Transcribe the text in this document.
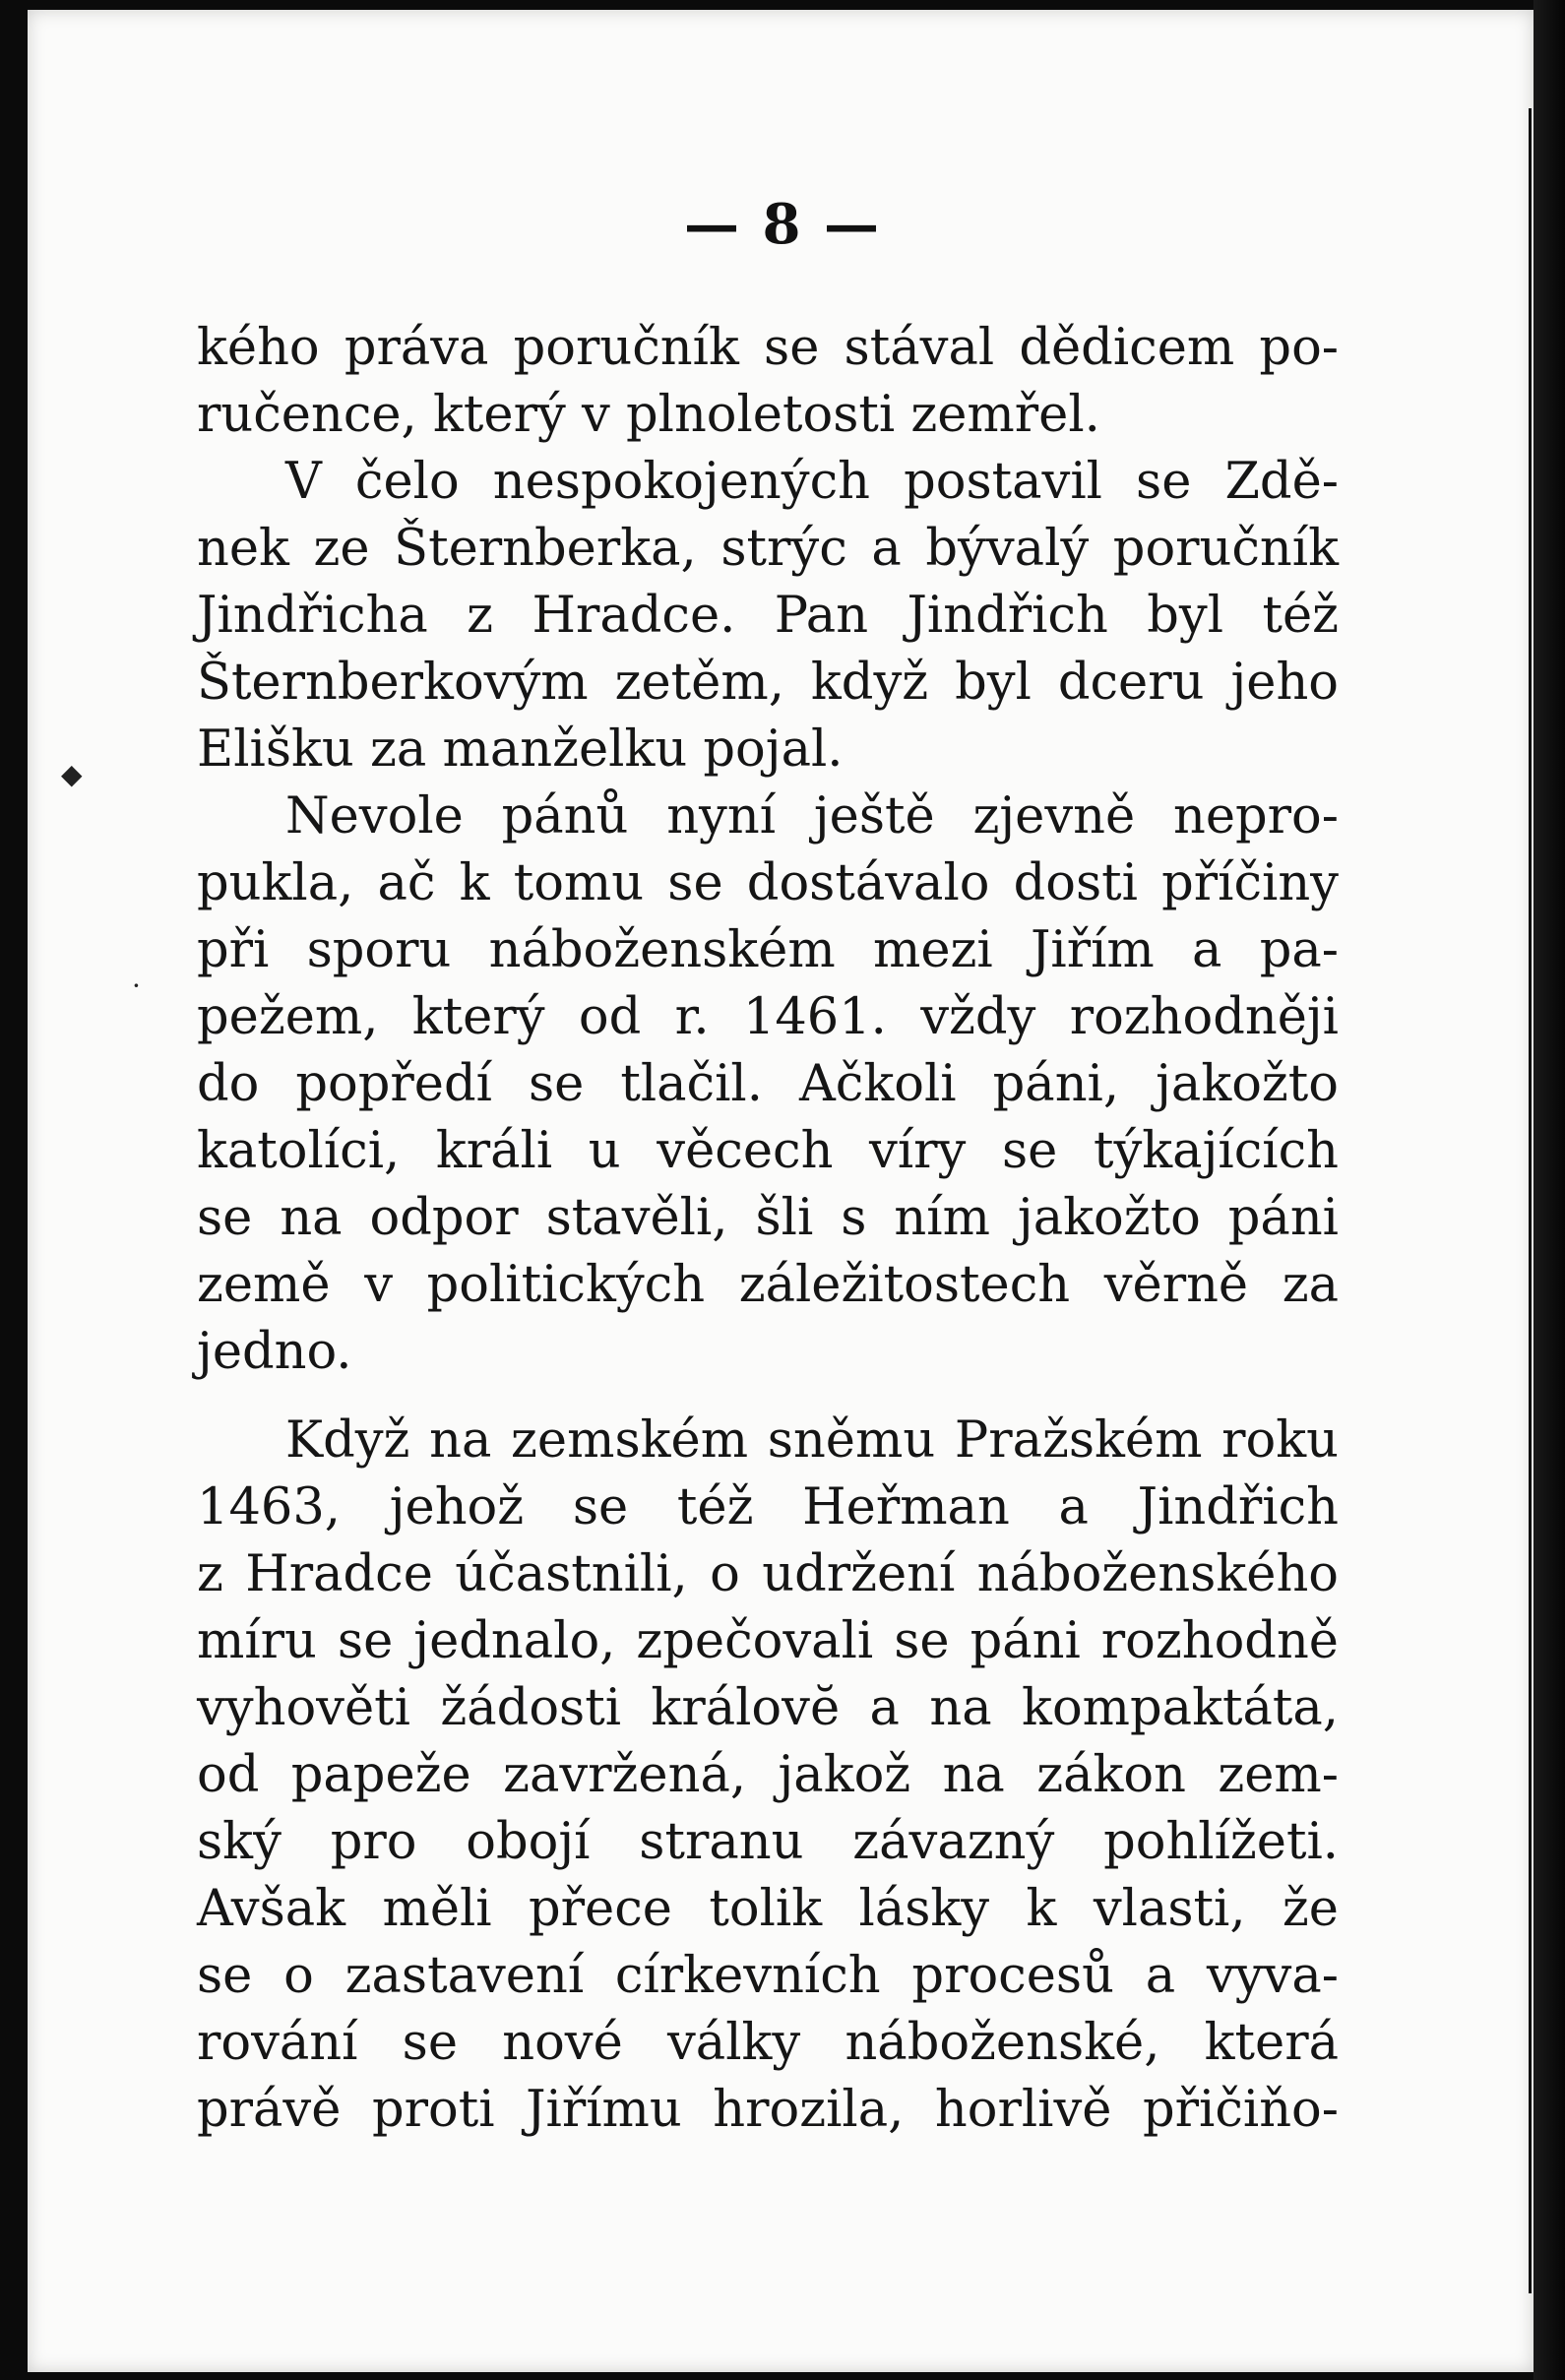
◆
·
— 8 —
kého práva poručník se stával dědicem po-
ručence, který v plnoletosti zemřel.
V čelo nespokojených postavil se Zdě-
nek ze Šternberka, strýc a bývalý poručník
Jindřicha z Hradce. Pan Jindřich byl též
Šternberkovým zetěm, když byl dceru jeho
Elišku za manželku pojal.
Nevole pánů nyní ještě zjevně nepro-
pukla, ač k tomu se dostávalo dosti příčiny
při sporu náboženském mezi Jiřím a pa-
pežem, který od r. 1461. vždy rozhodněji
do popředí se tlačil. Ačkoli páni, jakožto
katolíci, králi u věcech víry se týkajících
se na odpor stavěli, šli s ním jakožto páni
země v politických záležitostech věrně za
jedno.
Když na zemském sněmu Pražském roku
1463, jehož se též Heřman a Jindřich
z Hradce účastnili, o udržení náboženského
míru se jednalo, zpečovali se páni rozhodně
vyhověti žádosti královĕ a na kompaktáta,
od papeže zavržená, jakož na zákon zem-
ský pro obojí stranu závazný pohlížeti.
Avšak měli přece tolik lásky k vlasti, že
se o zastavení církevních procesů a vyva-
rování se nové války náboženské, která
právě proti Jiřímu hrozila, horlivě přičiňo-
